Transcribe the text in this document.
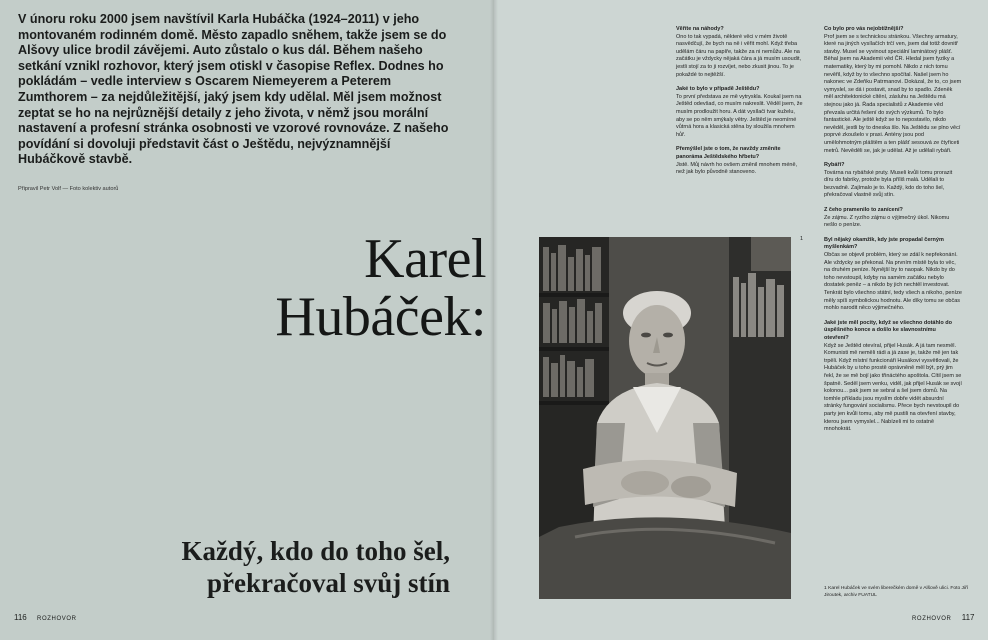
V únoru roku 2000 jsem navštívil Karla Hubáčka (1924–2011) v jeho montovaném rodinném domě. Město zapadlo sněhem, takže jsem se do Alšovy ulice brodil závějemi. Auto zůstalo o kus dál. Během našeho setkání vznikl rozhovor, který jsem otiskl v časopise Reflex. Dodnes ho pokládám – vedle interview s Oscarem Niemeyerem a Peterem Zumthorem – za nejdůležitější, jaký jsem kdy udělal. Měl jsem možnost zeptat se ho na nejrůznější detaily z jeho života, v němž jsou morální nastavení a profesní stránka osobnosti ve vzorové rovnováze. Z našeho povídání si dovoluji představit část o Ještědu, nejvýznamnější Hubáčkově stavbě.

Připravil Petr Volf — Foto kolektiv autorů

Karel
Hubáček:
Každý, kdo do toho šel,
překračoval svůj stín
116 ROZHOVOR
Věříte na náhody?
Ono to tak vypadá, některé věci v mém životě nasvědčují, že bych na ně i věřit mohl. Když třeba udělám čáru na papíře, takže za ni nemůžu. Ale na začátku je vždycky nějaká čára a já musím usoudit, jestli stojí za to ji rozvíjet, nebo zkusit jinou. To je pokaždé to nejtěžší.
Jaké to bylo v případě Ještědu?
To první představa ze mě vytryskla. Koukal jsem na Ještěd odevšad, co musím nakreslit. Věděl jsem, že musím prodloužit horu. A dát vysílači tvar kuželu, aby se po něm smýkaly větry. Ještěd je neomírné vůtrná hora a klasická stěna by sloužila mnohem hůř.
Přemýšlel jste o tom, že navždy změníte panoráma Ještědského hřbetu?
Jistě. Můj návrh ho ovšem změnil mnohem méně, než jak bylo původně stanoveno.
Co bylo pro vás nejobtížnější?
Prof jsem se s technickou stránkou. Všechny armatury, které na jiných vysílačích trčí ven, jsem dal totiž dovnitř stavby. Musel se vyvinout speciální laminátový plášť. Běhal jsem na Akademii věd ČR. Hledal jsem fyziky a matematiky, který by mi pomohl. Nikdo z nich tomu nevěřil, když by to všechno spočítal. Našel jsem ho nakonec ve Zdeňku Patrmanovi. Dokázal, že to, co jsem vymyslel, se dá i postavit, snad by to spadlo. Zdeněk měl architektonické cítění, zásluhu na Ještědu má stejnou jako já. Řada specialistů z Akademie věd převzala určitá řešení do svých výzkumů. To bylo fantastické. Ale ještě když se to nepostavilo, nikdo nevěděl, jestli by to dneska šlo. Na Ještědu se plno věcí poprvé zkoušelo v praxi. Antény jsou pod umělohmotným pláštěm a ten plášť sesouvá ze čtyřiceti metrů. Nevěděli se, jak je udělat. Až je udělali rybáři.
Rybáři?
Továrna na rybářské pruty. Museli kvůli tomu prorazit díru do fabriky, protože byla příliš malá. Udělali to bezvadně. Zajímalo je to. Každý, kdo do toho šel, překračoval vlastně svůj stín.
Z čeho pramenilo to zanícení?
Ze zájmu. Z ryzího zájmu o výjimečný úkol. Nikomu nešlo o peníze.
Byl nějaký okamžik, kdy jste propadal černým myšlenkám?
Občas se objevil problém, který se zdál k nepřekonání. Ale vždycky se překonal. Na prvním místě byla to věc, na druhém peníze. Nynější by to naopak. Nikdo by do toho nevstoupil, kdyby na samém začátku nebylo dostatek peněz – a nikdo by jich nechtěl investovat. Tenkrát bylo všechno státní, tedy všech a nikoho, peníze měly spíš symbolickou hodnotu. Ale díky tomu se občas mohlo narodit něco výjimečného.
Jaké jste měl pocity, když se všechno dotáhlo do úspěšného konce a došlo ke slavnostnímu otevření?
Když se Ještěd otevíral, přijel Husák. A já tam nesměl. Komunisti mě neměli rádi a já zase je, takže mě jen tak trpěli. Když místní funkcionáři Husákovi vysvětlovali, že Hubáček by u toho prostě oprávněně měl být, prý jim řekl, že se mě bojí jako třináctého apoštola. Cítil jsem se špatně. Seděl jsem venku, viděl, jak přijel Husák se svojí kolonou... pak jsem se sebral a šel jsem domů. Na tomhle příkladu jsou myslím dobře vidět absurdní stránky fungování socialismu. Přece bych nevstoupil do party jen kvůli tomu, aby mě pustili na otevření stavby, kterou jsem vymyslel... Nabízeli mi to ostatně mnohokrát.
1

1 Karel Hubáček ve svém liberečkém domě v Alšově ulici. Foto Jiří Jiroutek, archiv FUATUL

ROZHOVOR 117
